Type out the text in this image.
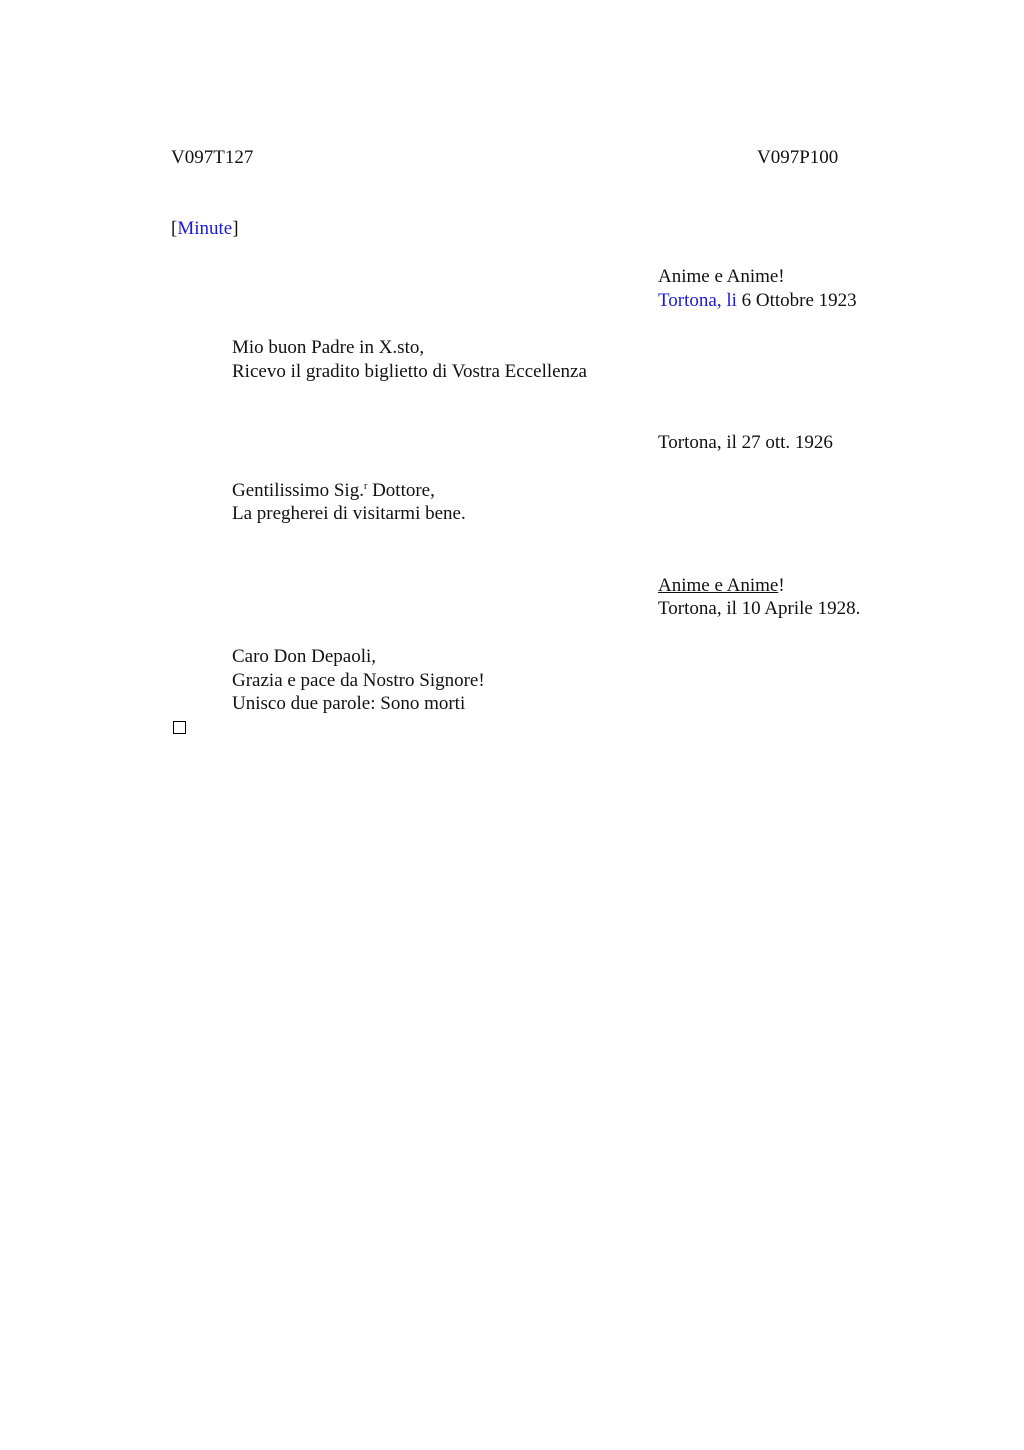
V097T127	V097P100
[Minute]
Anime e Anime!
Tortona, li 6 Ottobre 1923
Mio buon Padre in X.sto,
Ricevo il gradito biglietto di Vostra Eccellenza
Tortona, il 27 ott. 1926
Gentilissimo Sig.$^r$ Dottore,
La pregherei di visitarmi bene.
Anime e Anime!
Tortona, il 10 Aprile 1928.
Caro Don Depaoli,
Grazia e pace da Nostro Signore!
Unisco due parole: Sono morti
